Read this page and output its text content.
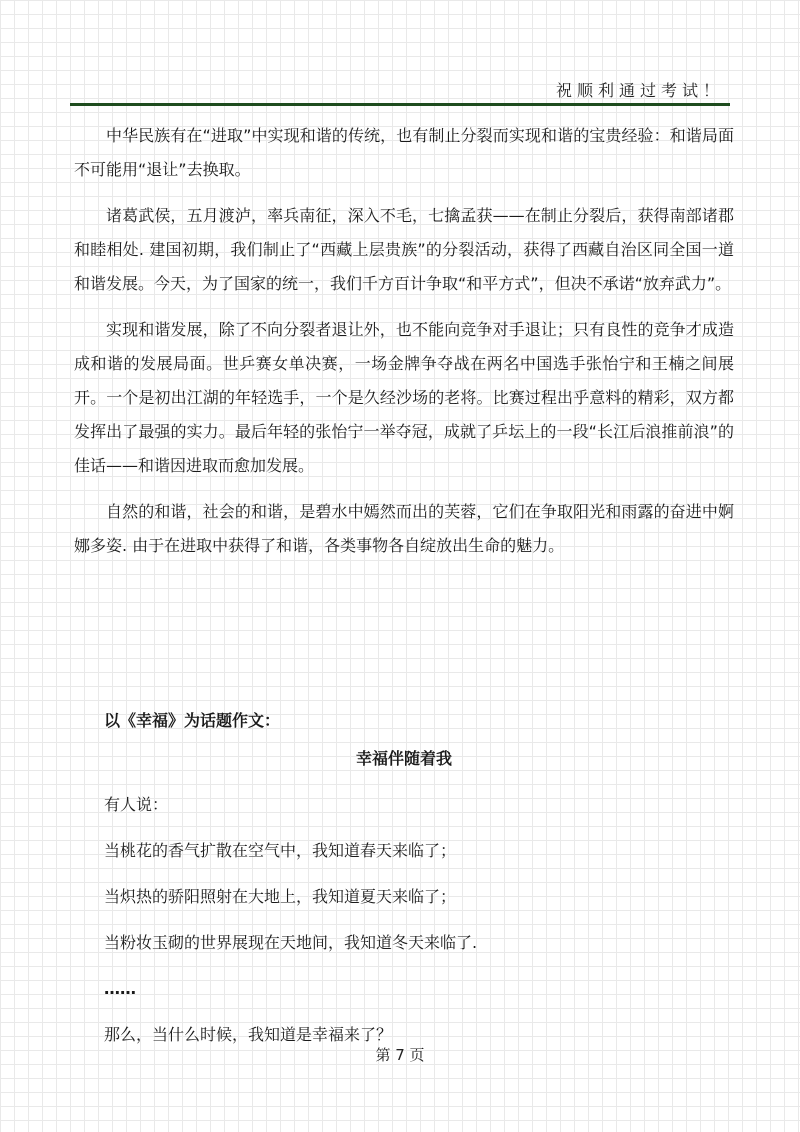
祝顺利通过考试！

中华民族有在“进取”中实现和谐的传统，也有制止分裂而实现和谐的宝贵经验：和谐局面不可能用“退让”去换取。

诸葛武侯，五月渡泸，率兵南征，深入不毛，七擒孟获——在制止分裂后，获得南部诸郡和睦相处. 建国初期，我们制止了“西藏上层贵族”的分裂活动，获得了西藏自治区同全国一道和谐发展。今天，为了国家的统一，我们千方百计争取“和平方式”，但决不承诺“放弃武力”。

实现和谐发展，除了不向分裂者退让外，也不能向竞争对手退让；只有良性的竞争才成造成和谐的发展局面。世乒赛女单决赛，一场金牌争夺战在两名中国选手张怡宁和王楠之间展开。一个是初出江湖的年轻选手，一个是久经沙场的老将。比赛过程出乎意料的精彩，双方都发挥出了最强的实力。最后年轻的张怡宁一举夺冠，成就了乒坛上的一段“长江后浪推前浪”的佳话——和谐因进取而愈加发展。

自然的和谐，社会的和谐，是碧水中嫣然而出的芙蓉，它们在争取阳光和雨露的奋进中婀娜多姿. 由于在进取中获得了和谐，各类事物各自绽放出生命的魅力。

以《幸福》为话题作文：

幸福伴随着我

有人说：

当桃花的香气扩散在空气中，我知道春天来临了；

当炽热的骄阳照射在大地上，我知道夏天来临了；

当粉妆玉砌的世界展现在天地间，我知道冬天来临了.

……

那么，当什么时候，我知道是幸福来了？

第 7 页
